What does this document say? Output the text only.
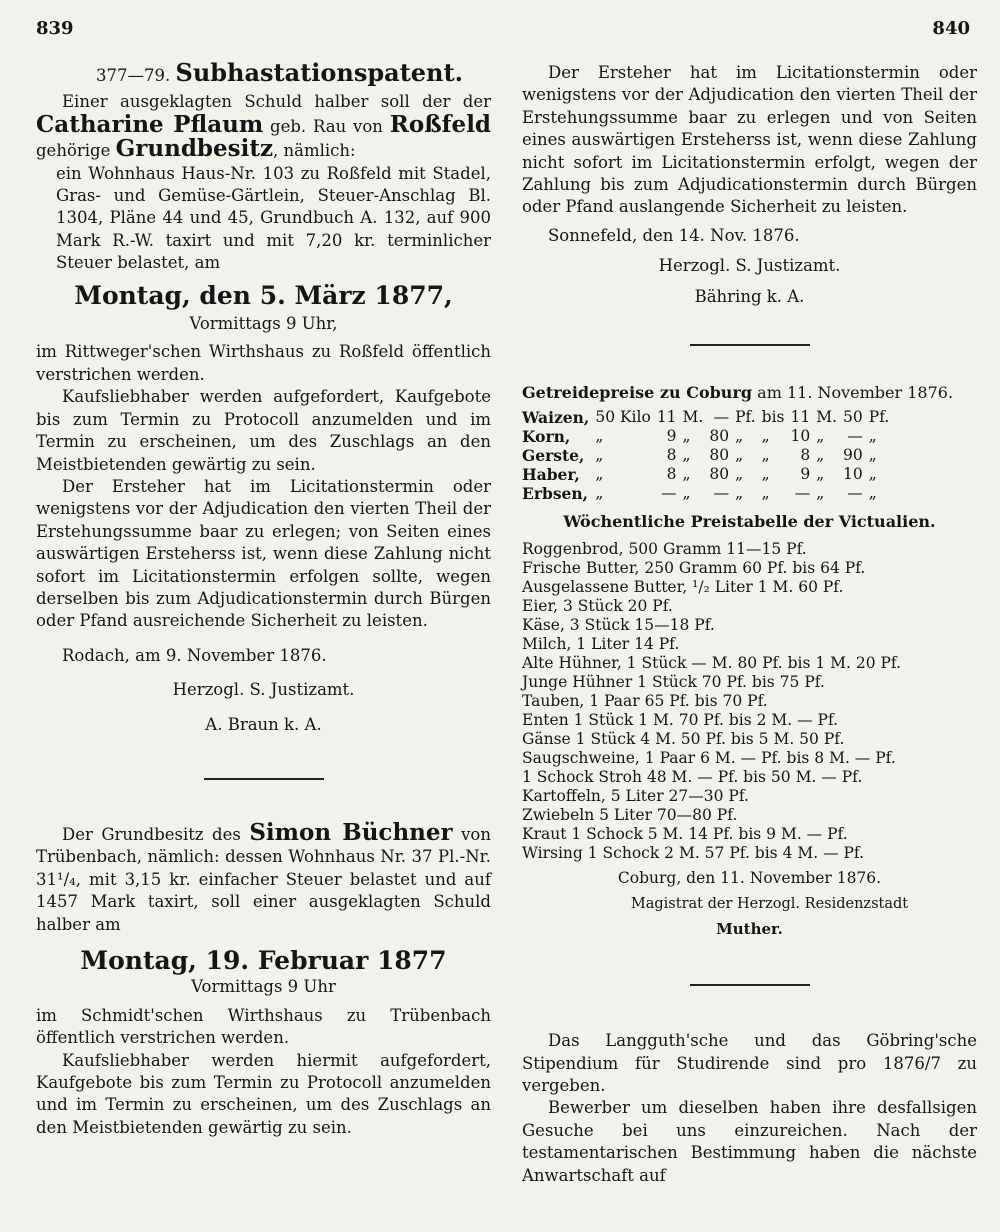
839	840

377—79. Subhastationspatent.

Einer ausgeklagten Schuld halber soll der der Catharine Pflaum geb. Rau von Roßfeld gehörige Grundbesitz, nämlich:

ein Wohnhaus Haus-Nr. 103 zu Roßfeld mit Stadel, Gras- und Gemüse-Gärtlein, Steuer-Anschlag Bl. 1304, Pläne 44 und 45, Grundbuch A. 132, auf 900 Mark R.-W. taxirt und mit 7,20 kr. terminlicher Steuer belastet, am

Montag, den 5. März 1877,

Vormittags 9 Uhr,

im Rittweger'schen Wirthshaus zu Roßfeld öffentlich verstrichen werden.

Kaufsliebhaber werden aufgefordert, Kaufgebote bis zum Termin zu Protocoll anzumelden und im Termin zu erscheinen, um des Zuschlags an den Meistbietenden gewärtig zu sein.

Der Ersteher hat im Licitationstermin oder wenigstens vor der Adjudication den vierten Theil der Erstehungssumme baar zu erlegen; von Seiten eines auswärtigen Ersteherss ist, wenn diese Zahlung nicht sofort im Licitationstermin erfolgen sollte, wegen derselben bis zum Adjudicationstermin durch Bürgen oder Pfand ausreichende Sicherheit zu leisten.

Rodach, am 9. November 1876.

Herzogl. S. Justizamt.

A. Braun k. A.

Der Grundbesitz des Simon Büchner von Trübenbach, nämlich: dessen Wohnhaus Nr. 37 Pl.-Nr. 31¹/₄, mit 3,15 kr. einfacher Steuer belastet und auf 1457 Mark taxirt, soll einer ausgeklagten Schuld halber am

Montag, 19. Februar 1877

Vormittags 9 Uhr

im Schmidt'schen Wirthshaus zu Trübenbach öffentlich verstrichen werden.

Kaufsliebhaber werden hiermit aufgefordert, Kaufgebote bis zum Termin zu Protocoll anzumelden und im Termin zu erscheinen, um des Zuschlags an den Meistbietenden gewärtig zu sein.

Der Ersteher hat im Licitationstermin oder wenigstens vor der Adjudication den vierten Theil der Erstehungssumme baar zu erlegen und von Seiten eines auswärtigen Ersteherss ist, wenn diese Zahlung nicht sofort im Licitationstermin erfolgt, wegen der Zahlung bis zum Adjudicationstermin durch Bürgen oder Pfand auslangende Sicherheit zu leisten.

Sonnefeld, den 14. Nov. 1876.

Herzogl. S. Justizamt.

Bähring k. A.

Getreidepreise zu Coburg am 11. November 1876.

Waizen,	50 Kilo	11	M.	—	Pf.	bis	11	M.	50	Pf.
Korn,	„	9	„	80	„	„	10	„	—	„
Gerste,	„	8	„	80	„	„	8	„	90	„
Haber,	„	8	„	80	„	„	9	„	10	„
Erbsen,	„	—	„	—	„	„	—	„	—	„

Wöchentliche Preistabelle der Victualien.

Roggenbrod, 500 Gramm 11—15 Pf.

Frische Butter, 250 Gramm 60 Pf. bis 64 Pf.

Ausgelassene Butter, ¹/₂ Liter 1 M. 60 Pf.

Eier, 3 Stück 20 Pf.

Käse, 3 Stück 15—18 Pf.

Milch, 1 Liter 14 Pf.

Alte Hühner, 1 Stück — M. 80 Pf. bis 1 M. 20 Pf.

Junge Hühner 1 Stück 70 Pf. bis 75 Pf.

Tauben, 1 Paar 65 Pf. bis 70 Pf.

Enten 1 Stück 1 M. 70 Pf. bis 2 M. — Pf.

Gänse 1 Stück 4 M. 50 Pf. bis 5 M. 50 Pf.

Saugschweine, 1 Paar 6 M. — Pf. bis 8 M. — Pf.

1 Schock Stroh 48 M. — Pf. bis 50 M. — Pf.

Kartoffeln, 5 Liter 27—30 Pf.

Zwiebeln 5 Liter 70—80 Pf.

Kraut 1 Schock 5 M. 14 Pf. bis 9 M. — Pf.

Wirsing 1 Schock 2 M. 57 Pf. bis 4 M. — Pf.

Coburg, den 11. November 1876.

Magistrat der Herzogl. Residenzstadt

Muther.

Das Langguth'sche und das Göbring'sche Stipendium für Studirende sind pro 1876/7 zu vergeben.

Bewerber um dieselben haben ihre desfallsigen Gesuche bei uns einzureichen. Nach der testamentarischen Bestimmung haben die nächste Anwartschaft auf
